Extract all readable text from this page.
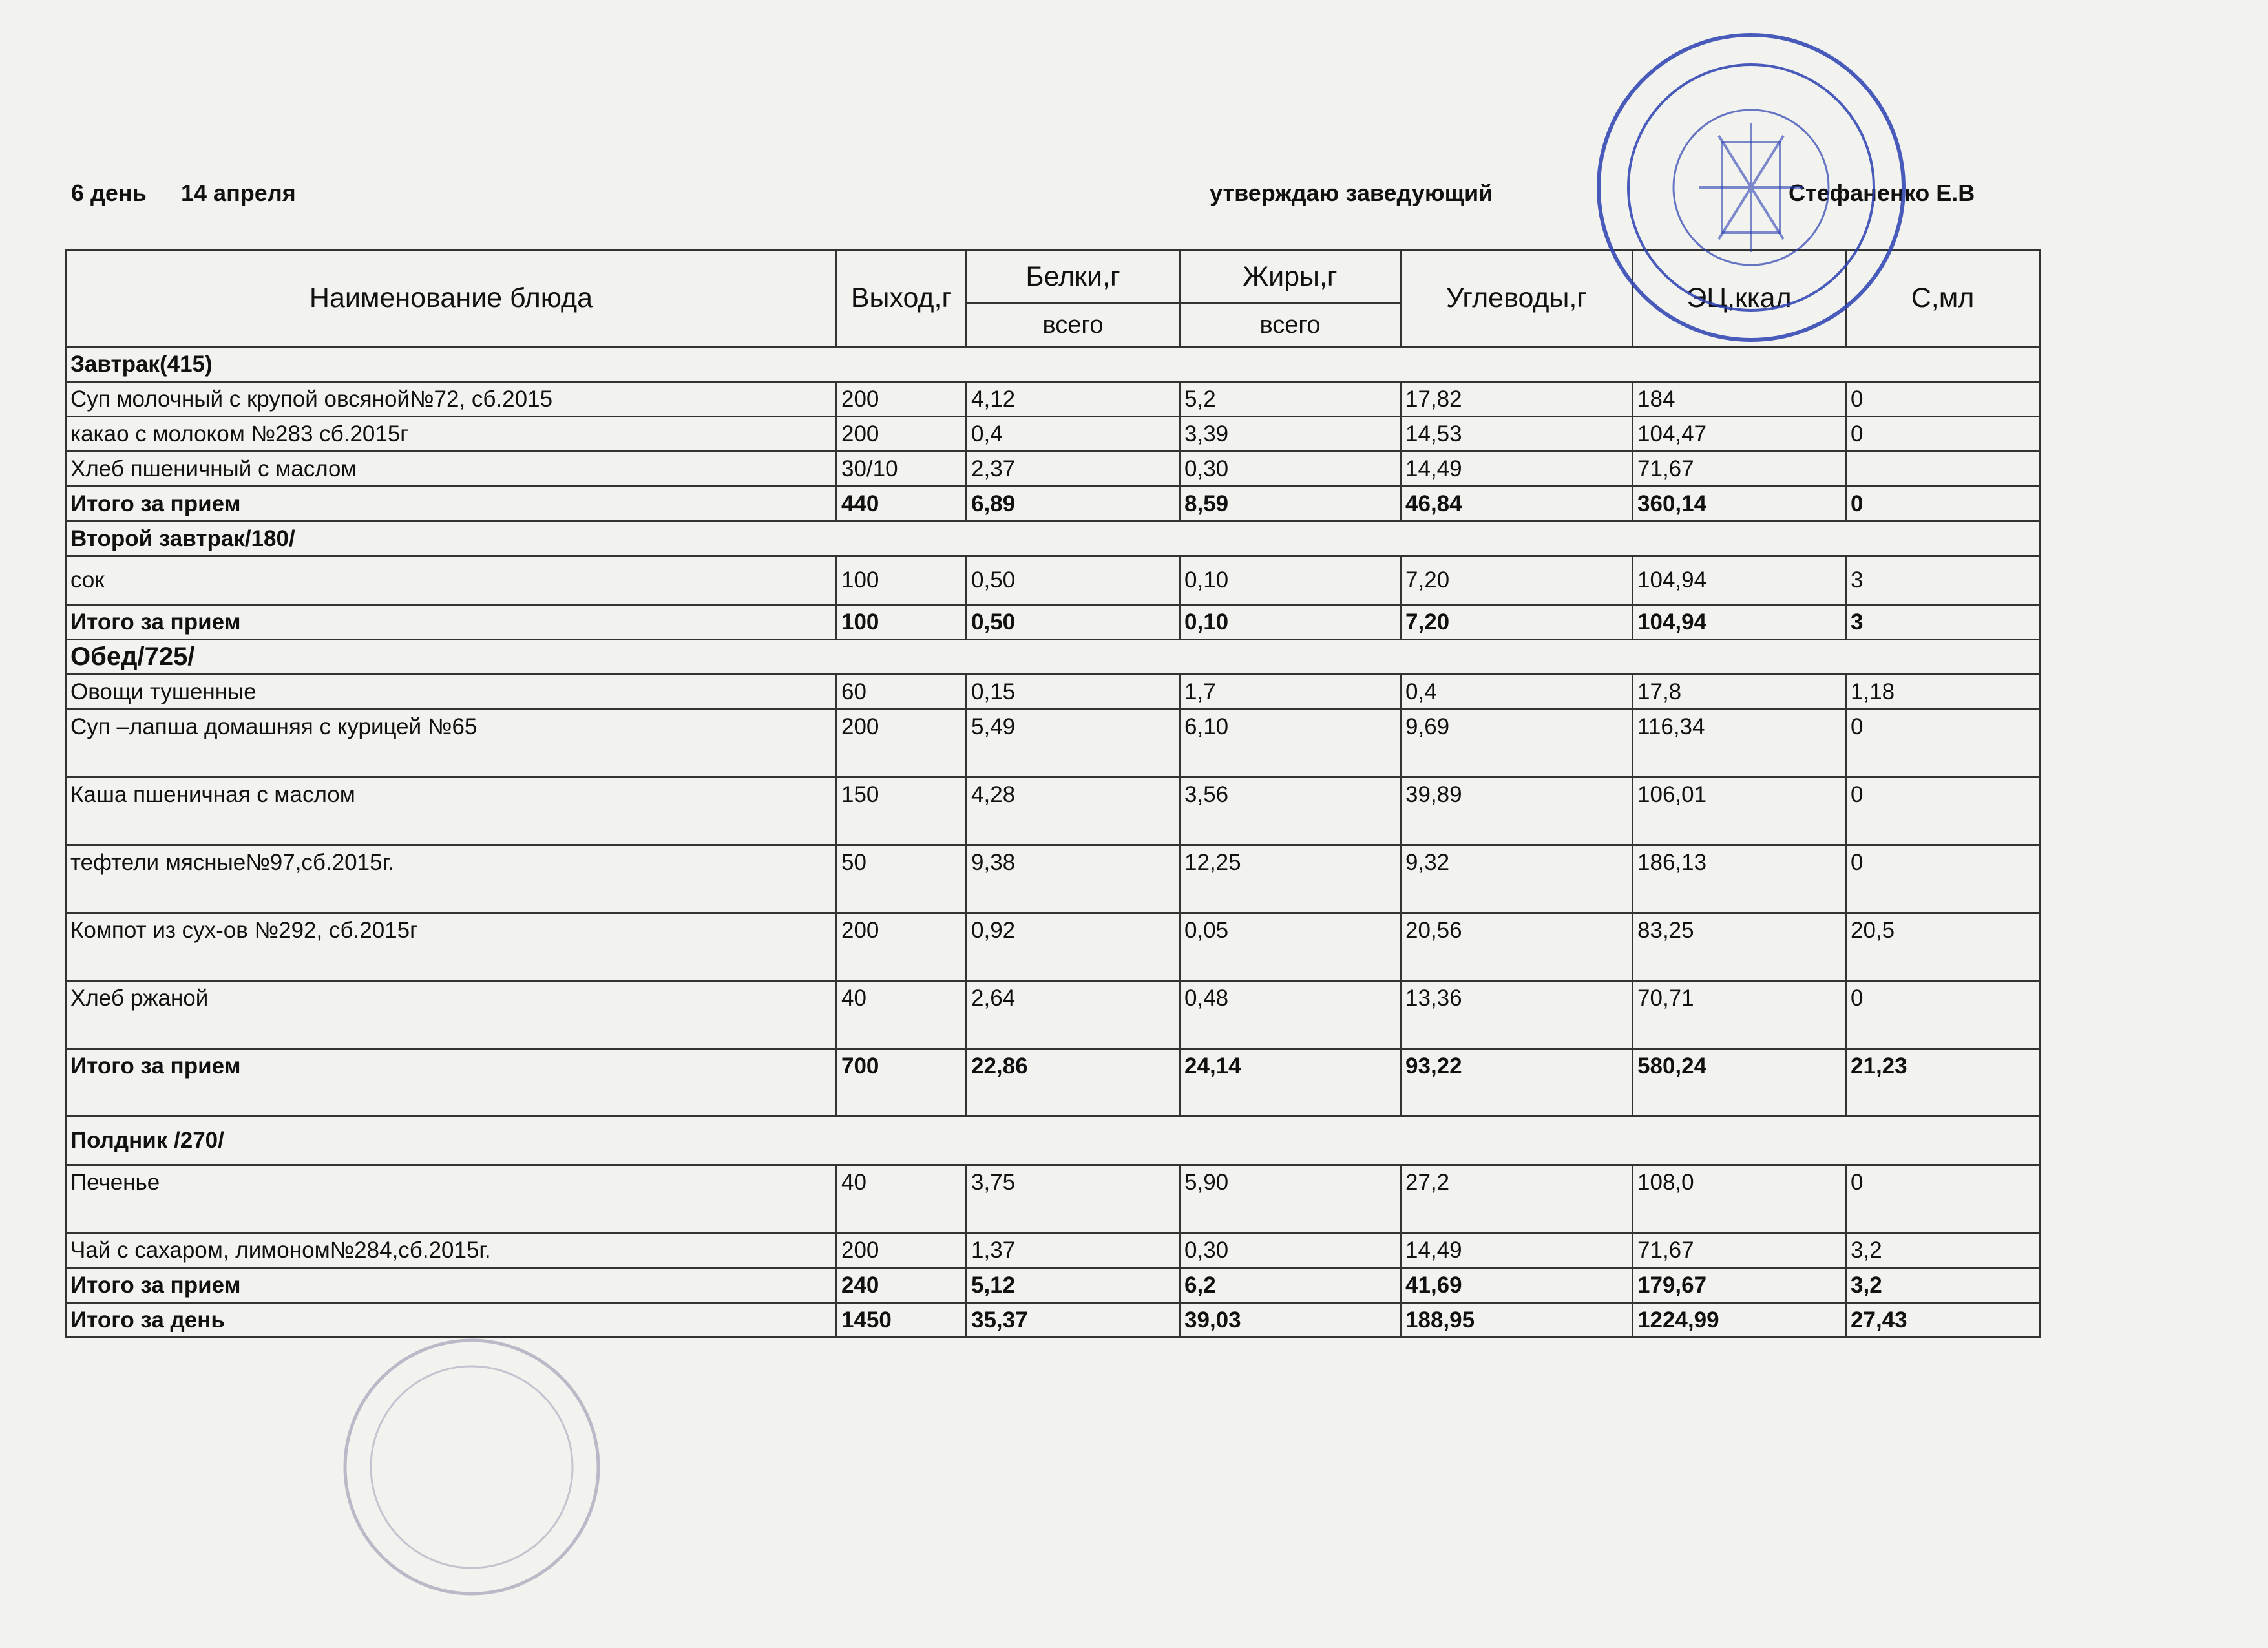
6 день 14 апреля	утверждаю заведующий	Стефаненко Е.В
Наименование блюда	Выход,г	Белки,г	Жиры,г	Углеводы,г	ЭЦ,ккал	С,мл
		всего	всего			
Завтрак(415)						
Суп молочный с крупой овсяной№72, сб.2015	200	4,12	5,2	17,82	184	0
какао с молоком №283 сб.2015г	200	0,4	3,39	14,53	104,47	0
Хлеб пшеничный с маслом	30/10	2,37	0,30	14,49	71,67	
Итого за прием	440	6,89	8,59	46,84	360,14	0
Второй завтрак/180/						
сок	100	0,50	0,10	7,20	104,94	3
Итого за прием	100	0,50	0,10	7,20	104,94	3
Обед/725/						
Овощи тушенные	60	0,15	1,7	0,4	17,8	1,18
Суп –лапша домашняя с курицей №65	200	5,49	6,10	9,69	116,34	0
Каша пшеничная с маслом	150	4,28	3,56	39,89	106,01	0
тефтели мясные№97,сб.2015г.	50	9,38	12,25	9,32	186,13	0
Компот из сух-ов №292, сб.2015г	200	0,92	0,05	20,56	83,25	20,5
Хлеб ржаной	40	2,64	0,48	13,36	70,71	0
Итого за прием	700	22,86	24,14	93,22	580,24	21,23
Полдник /270/						
Печенье	40	3,75	5,90	27,2	108,0	0
Чай с сахаром, лимоном№284,сб.2015г.	200	1,37	0,30	14,49	71,67	3,2
Итого за прием	240	5,12	6,2	41,69	179,67	3,2
Итого за день	1450	35,37	39,03	188,95	1224,99	27,43
